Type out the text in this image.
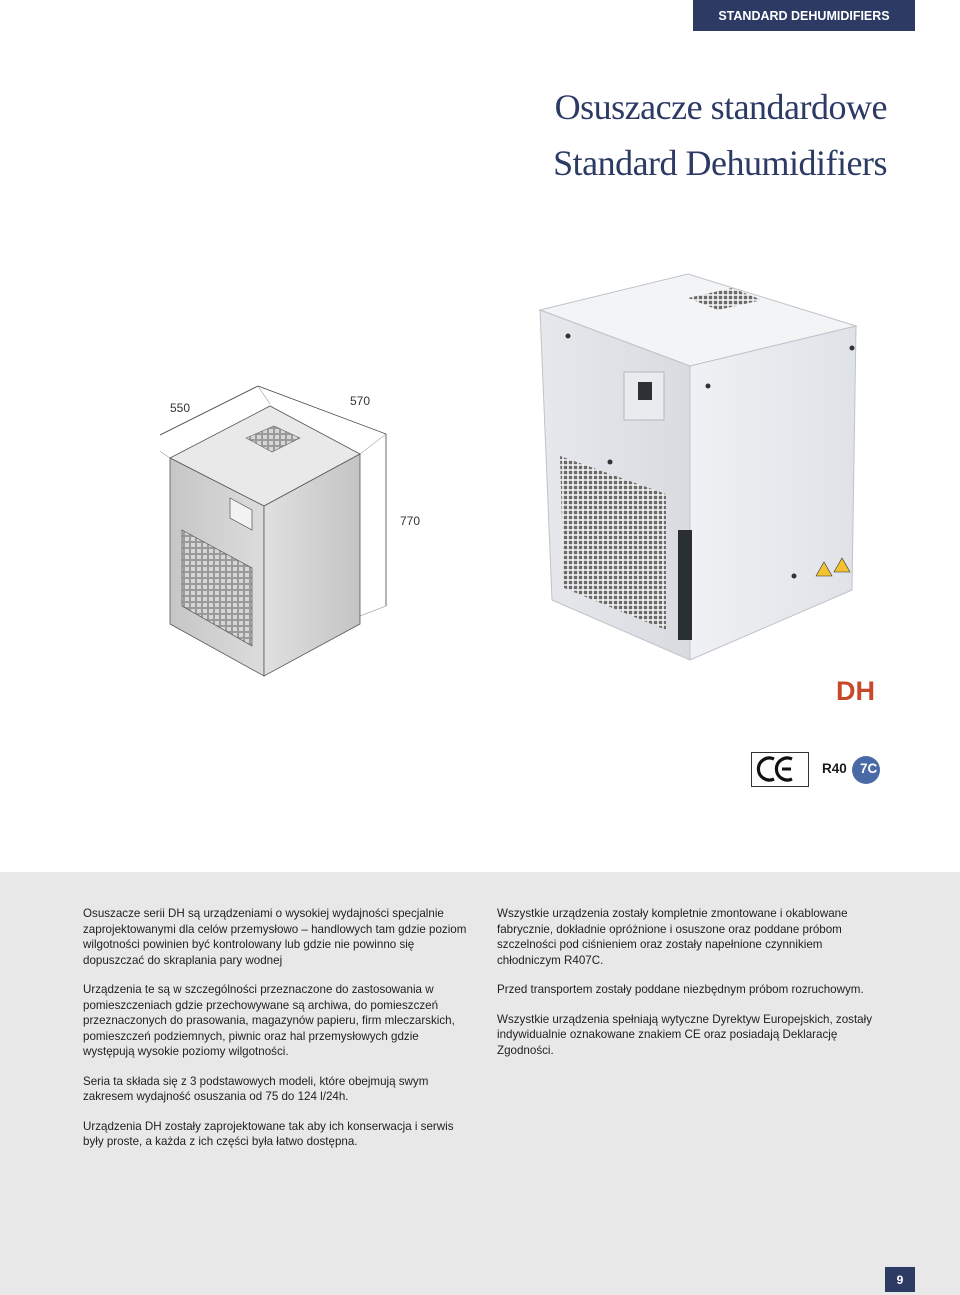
STANDARD DEHUMIDIFIERS
Osuszacze standardowe
Standard Dehumidifiers
550	570
770
DH
R40 7C

Osuszacze serii DH są urządzeniami o wysokiej wydajności specjalnie zaprojektowanymi dla celów przemysłowo – handlowych tam gdzie poziom wilgotności powinien być kontrolowany lub gdzie nie powinno się dopuszczać do skraplania pary wodnej

Urządzenia te są w szczególności przeznaczone do zastosowania w pomieszczeniach gdzie przechowywane są archiwa, do pomieszczeń przeznaczonych do prasowania, magazynów papieru, firm mleczarskich, pomieszczeń podziemnych, piwnic oraz hal przemysłowych gdzie występują wysokie poziomy wilgotności.

Seria ta składa się z 3 podstawowych modeli, które obejmują swym zakresem wydajność osuszania od 75 do 124 l/24h.

Urządzenia DH zostały zaprojektowane tak aby ich konserwacja i serwis były proste, a każda z ich części była łatwo dostępna.

Wszystkie urządzenia zostały kompletnie zmontowane i okablowane fabrycznie, dokładnie opróżnione i osuszone oraz poddane próbom szczelności pod ciśnieniem oraz zostały napełnione czynnikiem chłodniczym R407C.

Przed transportem zostały poddane niezbędnym próbom rozruchowym.

Wszystkie urządzenia spełniają wytyczne Dyrektyw Europejskich, zostały indywidualnie oznakowane znakiem CE oraz posiadają Deklarację Zgodności.

9
